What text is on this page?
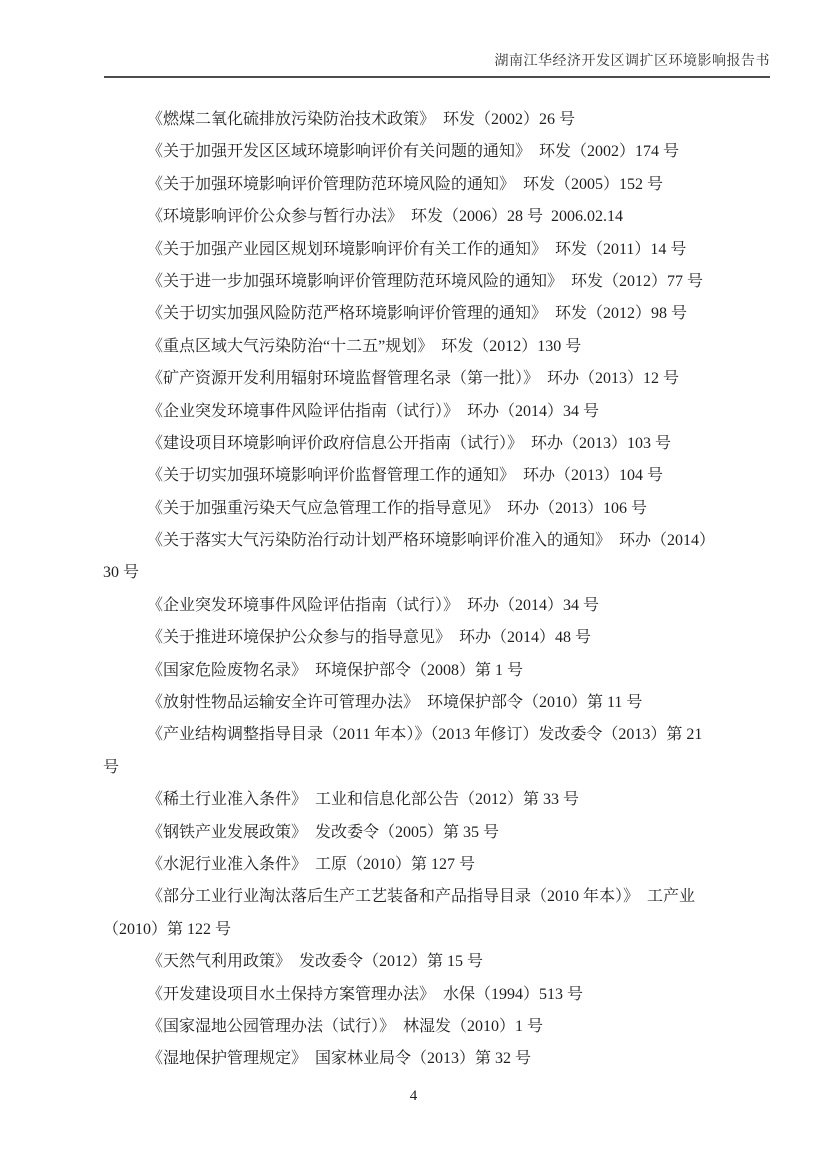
湖南江华经济开发区调扩区环境影响报告书

《燃煤二氧化硫排放污染防治技术政策》　环发（2002）26 号

《关于加强开发区区域环境影响评价有关问题的通知》　环发（2002）174 号

《关于加强环境影响评价管理防范环境风险的通知》　环发（2005）152 号

《环境影响评价公众参与暂行办法》　环发（2006）28 号  2006.02.14

《关于加强产业园区规划环境影响评价有关工作的通知》　环发（2011）14 号

《关于进一步加强环境影响评价管理防范环境风险的通知》　环发（2012）77 号

《关于切实加强风险防范严格环境影响评价管理的通知》　环发（2012）98 号

《重点区域大气污染防治“十二五”规划》　环发（2012）130 号

《矿产资源开发利用辐射环境监督管理名录（第一批）》　环办（2013）12 号

《企业突发环境事件风险评估指南（试行）》　环办（2014）34 号

《建设项目环境影响评价政府信息公开指南（试行）》　环办（2013）103 号

《关于切实加强环境影响评价监督管理工作的通知》　环办（2013）104 号

《关于加强重污染天气应急管理工作的指导意见》　环办（2013）106 号

《关于落实大气污染防治行动计划严格环境影响评价准入的通知》　环办（2014）

30 号

《企业突发环境事件风险评估指南（试行）》　环办（2014）34 号

《关于推进环境保护公众参与的指导意见》　环办（2014）48 号

《国家危险废物名录》　环境保护部令（2008）第 1 号

《放射性物品运输安全许可管理办法》　环境保护部令（2010）第 11 号

《产业结构调整指导目录（2011 年本）》（2013 年修订）发改委令（2013）第 21

号

《稀土行业准入条件》　工业和信息化部公告（2012）第 33 号

《钢铁产业发展政策》　发改委令（2005）第 35 号

《水泥行业准入条件》　工原（2010）第 127 号

《部分工业行业淘汰落后生产工艺装备和产品指导目录（2010 年本）》　工产业

（2010）第 122 号

《天然气利用政策》　发改委令（2012）第 15 号

《开发建设项目水土保持方案管理办法》　水保（1994）513 号

《国家湿地公园管理办法（试行）》　林湿发（2010）1 号

《湿地保护管理规定》　国家林业局令（2013）第 32 号

4
